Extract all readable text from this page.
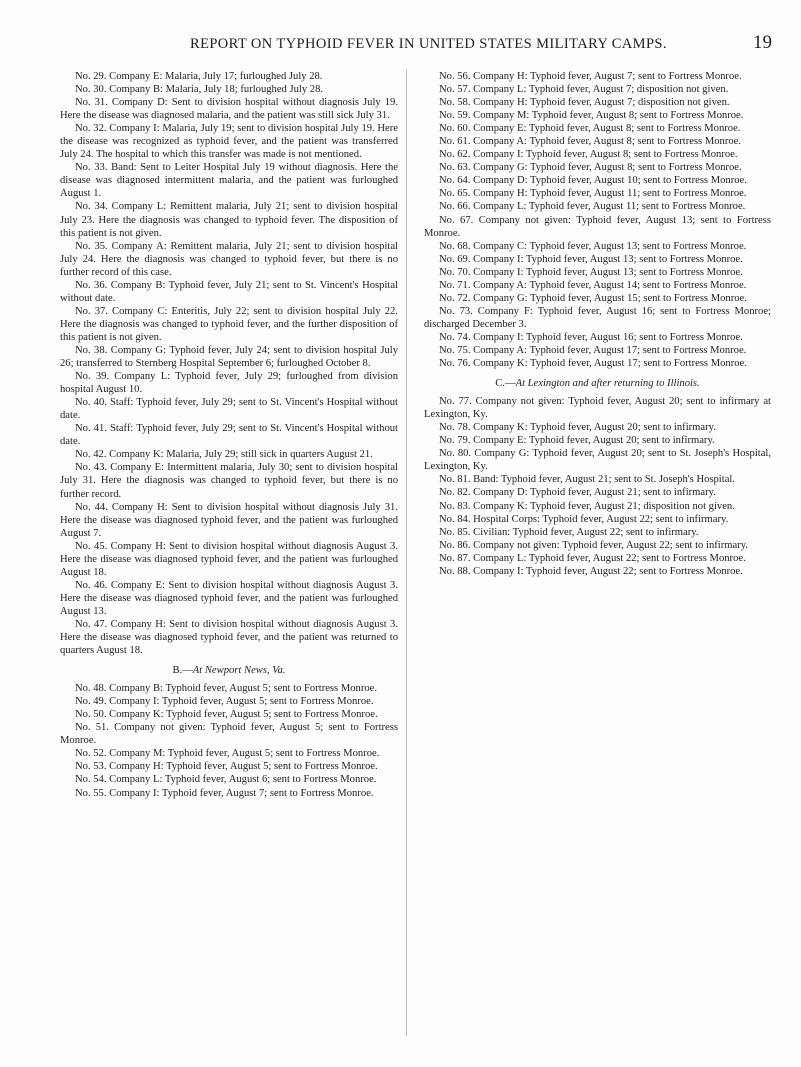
REPORT ON TYPHOID FEVER IN UNITED STATES MILITARY CAMPS.	19

No. 29. Company E: Malaria, July 17; furloughed July 28.

No. 30. Company B: Malaria, July 18; furloughed July 28.

No. 31. Company D: Sent to division hospital without diagnosis July 19. Here the disease was diagnosed malaria, and the patient was still sick July 31.

No. 32. Company I: Malaria, July 19; sent to division hospital July 19. Here the disease was recognized as typhoid fever, and the patient was transferred July 24. The hospital to which this transfer was made is not mentioned.

No. 33. Band: Sent to Leiter Hospital July 19 without diagnosis. Here the disease was diagnosed intermittent malaria, and the patient was furloughed August 1.

No. 34. Company L: Remittent malaria, July 21; sent to division hospital July 23. Here the diagnosis was changed to typhoid fever. The disposition of this patient is not given.

No. 35. Company A: Remittent malaria, July 21; sent to division hospital July 24. Here the diagnosis was changed to typhoid fever, but there is no further record of this case.

No. 36. Company B: Typhoid fever, July 21; sent to St. Vincent's Hospital without date.

No. 37. Company C: Enteritis, July 22; sent to division hospital July 22. Here the diagnosis was changed to typhoid fever, and the further disposition of this patient is not given.

No. 38. Company G: Typhoid fever, July 24; sent to division hospital July 26; transferred to Sternberg Hospital September 6; furloughed October 8.

No. 39. Company L: Typhoid fever, July 29; furloughed from division hospital August 10.

No. 40. Staff: Typhoid fever, July 29; sent to St. Vincent's Hospital without date.

No. 41. Staff: Typhoid fever, July 29; sent to St. Vincent's Hospital without date.

No. 42. Company K: Malaria, July 29; still sick in quarters August 21.

No. 43. Company E: Intermittent malaria, July 30; sent to division hospital July 31. Here the diagnosis was changed to typhoid fever, but there is no further record.

No. 44. Company H: Sent to division hospital without diagnosis July 31. Here the disease was diagnosed typhoid fever, and the patient was furloughed August 7.

No. 45. Company H: Sent to division hospital without diagnosis August 3. Here the disease was diagnosed typhoid fever, and the patient was furloughed August 18.

No. 46. Company E: Sent to division hospital without diagnosis August 3. Here the disease was diagnosed typhoid fever, and the patient was furloughed August 13.

No. 47. Company H: Sent to division hospital without diagnosis August 3. Here the disease was diagnosed typhoid fever, and the patient was returned to quarters August 18.

B.—At Newport News, Va.

No. 48. Company B: Typhoid fever, August 5; sent to Fortress Monroe.

No. 49. Company I: Typhoid fever, August 5; sent to Fortress Monroe.

No. 50. Company K: Typhoid fever, August 5; sent to Fortress Monroe.

No. 51. Company not given: Typhoid fever, August 5; sent to Fortress Monroe.

No. 52. Company M: Typhoid fever, August 5; sent to Fortress Monroe.

No. 53. Company H: Typhoid fever, August 5; sent to Fortress Monroe.

No. 54. Company L: Typhoid fever, August 6; sent to Fortress Monroe.

No. 55. Company I: Typhoid fever, August 7; sent to Fortress Monroe.

No. 56. Company H: Typhoid fever, August 7; sent to Fortress Monroe.

No. 57. Company L: Typhoid fever, August 7; disposition not given.

No. 58. Company H: Typhoid fever, August 7; disposition not given.

No. 59. Company M: Typhoid fever, August 8; sent to Fortress Monroe.

No. 60. Company E: Typhoid fever, August 8; sent to Fortress Monroe.

No. 61. Company A: Typhoid fever, August 8; sent to Fortress Monroe.

No. 62. Company I: Typhoid fever, August 8; sent to Fortress Monroe.

No. 63. Company G: Typhoid fever, August 8; sent to Fortress Monroe.

No. 64. Company D: Typhoid fever, August 10; sent to Fortress Monroe.

No. 65. Company H: Typhoid fever, August 11; sent to Fortress Monroe.

No. 66. Company L: Typhoid fever, August 11; sent to Fortress Monroe.

No. 67. Company not given: Typhoid fever, August 13; sent to Fortress Monroe.

No. 68. Company C: Typhoid fever, August 13; sent to Fortress Monroe.

No. 69. Company I: Typhoid fever, August 13; sent to Fortress Monroe.

No. 70. Company I: Typhoid fever, August 13; sent to Fortress Monroe.

No. 71. Company A: Typhoid fever, August 14; sent to Fortress Monroe.

No. 72. Company G: Typhoid fever, August 15; sent to Fortress Monroe.

No. 73. Company F: Typhoid fever, August 16; sent to Fortress Monroe; discharged December 3.

No. 74. Company I: Typhoid fever, August 16; sent to Fortress Monroe.

No. 75. Company A: Typhoid fever, August 17; sent to Fortress Monroe.

No. 76. Company K: Typhoid fever, August 17; sent to Fortress Monroe.

C.—At Lexington and after returning to Illinois.

No. 77. Company not given: Typhoid fever, August 20; sent to infirmary at Lexington, Ky.

No. 78. Company K: Typhoid fever, August 20; sent to infirmary.

No. 79. Company E: Typhoid fever, August 20; sent to infirmary.

No. 80. Company G: Typhoid fever, August 20; sent to St. Joseph's Hospital, Lexington, Ky.

No. 81. Band: Typhoid fever, August 21; sent to St. Joseph's Hospital.

No. 82. Company D: Typhoid fever, August 21; sent to infirmary.

No. 83. Company K: Typhoid fever, August 21; disposition not given.

No. 84. Hospital Corps: Typhoid fever, August 22; sent to infirmary.

No. 85. Civilian: Typhoid fever, August 22; sent to infirmary.

No. 86. Company not given: Typhoid fever, August 22; sent to infirmary.

No. 87. Company L: Typhoid fever, August 22; sent to Fortress Monroe.

No. 88. Company I: Typhoid fever, August 22; sent to Fortress Monroe.
